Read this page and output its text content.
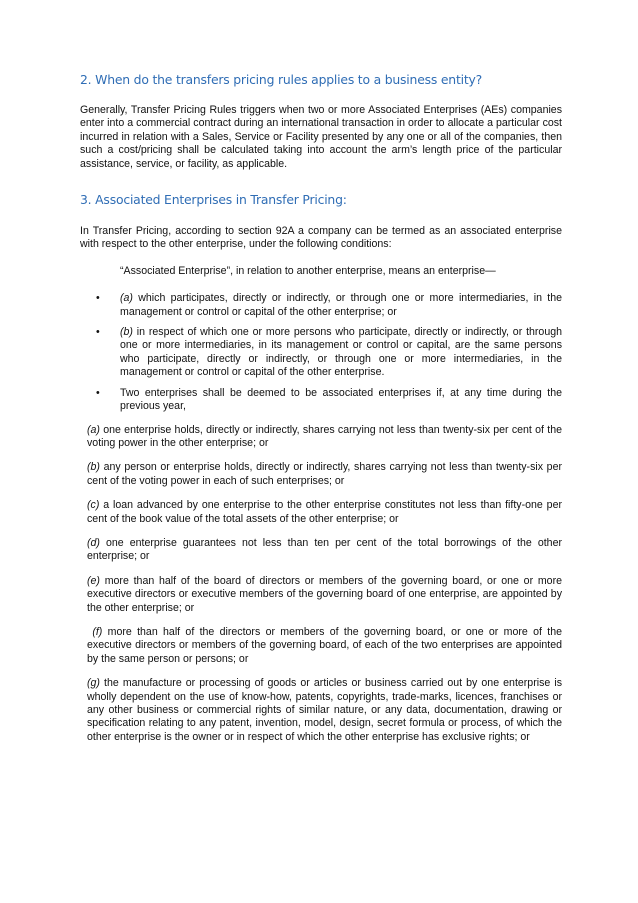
2. When do the transfers pricing rules applies to a business entity?

Generally, Transfer Pricing Rules triggers when two or more Associated Enterprises (AEs) companies enter into a commercial contract during an international transaction in order to allocate a particular cost incurred in relation with a Sales, Service or Facility presented by any one or all of the companies, then such a cost/pricing shall be calculated taking into account the arm’s length price of the particular assistance, service, or facility, as applicable.

3. Associated Enterprises in Transfer Pricing:

In Transfer Pricing, according to section 92A a company can be termed as an associated enterprise with respect to the other enterprise, under the following conditions:

“Associated Enterprise”, in relation to another enterprise, means an enterprise—

• (a) which participates, directly or indirectly, or through one or more intermediaries, in the management or control or capital of the other enterprise; or
• (b) in respect of which one or more persons who participate, directly or indirectly, or through one or more intermediaries, in its management or control or capital, are the same persons who participate, directly or indirectly, or through one or more intermediaries, in the management or control or capital of the other enterprise.
• Two enterprises shall be deemed to be associated enterprises if, at any time during the previous year,

(a) one enterprise holds, directly or indirectly, shares carrying not less than twenty-six per cent of the voting power in the other enterprise; or

(b) any person or enterprise holds, directly or indirectly, shares carrying not less than twenty-six per cent of the voting power in each of such enterprises; or

(c) a loan advanced by one enterprise to the other enterprise constitutes not less than fifty-one per cent of the book value of the total assets of the other enterprise; or

(d) one enterprise guarantees not less than ten per cent of the total borrowings of the other enterprise; or

(e) more than half of the board of directors or members of the governing board, or one or more executive directors or executive members of the governing board of one enterprise, are appointed by the other enterprise; or

(f) more than half of the directors or members of the governing board, or one or more of the executive directors or members of the governing board, of each of the two enterprises are appointed by the same person or persons; or

(g) the manufacture or processing of goods or articles or business carried out by one enterprise is wholly dependent on the use of know-how, patents, copyrights, trade-marks, licences, franchises or any other business or commercial rights of similar nature, or any data, documentation, drawing or specification relating to any patent, invention, model, design, secret formula or process, of which the other enterprise is the owner or in respect of which the other enterprise has exclusive rights; or
